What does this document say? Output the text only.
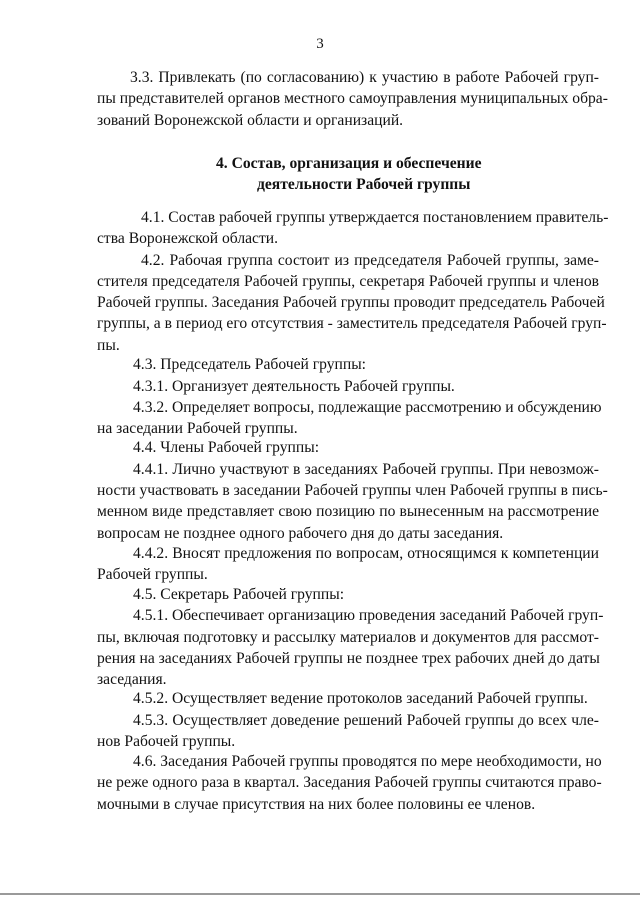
3
3.3. Привлекать (по согласованию) к участию в работе Рабочей груп-
пы представителей органов местного самоуправления муниципальных обра-
зований Воронежской области и организаций.
4. Состав, организация и обеспечение
деятельности Рабочей группы
4.1. Состав рабочей группы утверждается постановлением правитель-
ства Воронежской области.
4.2. Рабочая группа состоит из председателя Рабочей группы, заме-
стителя председателя Рабочей группы, секретаря Рабочей группы и членов
Рабочей группы. Заседания Рабочей группы проводит председатель Рабочей
группы, а в период его отсутствия - заместитель председателя Рабочей груп-
пы.
4.3. Председатель Рабочей группы:
4.3.1. Организует деятельность Рабочей группы.
4.3.2. Определяет вопросы, подлежащие рассмотрению и обсуждению
на заседании Рабочей группы.
4.4. Члены Рабочей группы:
4.4.1. Лично участвуют в заседаниях Рабочей группы. При невозмож-
ности участвовать в заседании Рабочей группы член Рабочей группы в пись-
менном виде представляет свою позицию по вынесенным на рассмотрение
вопросам не позднее одного рабочего дня до даты заседания.
4.4.2. Вносят предложения по вопросам, относящимся к компетенции
Рабочей группы.
4.5. Секретарь Рабочей группы:
4.5.1. Обеспечивает организацию проведения заседаний Рабочей груп-
пы, включая подготовку и рассылку материалов и документов для рассмот-
рения на заседаниях Рабочей группы не позднее трех рабочих дней до даты
заседания.
4.5.2. Осуществляет ведение протоколов заседаний Рабочей группы.
4.5.3. Осуществляет доведение решений Рабочей группы до всех чле-
нов Рабочей группы.
4.6. Заседания Рабочей группы проводятся по мере необходимости, но
не реже одного раза в квартал. Заседания Рабочей группы считаются право-
мочными в случае присутствия на них более половины ее членов.
